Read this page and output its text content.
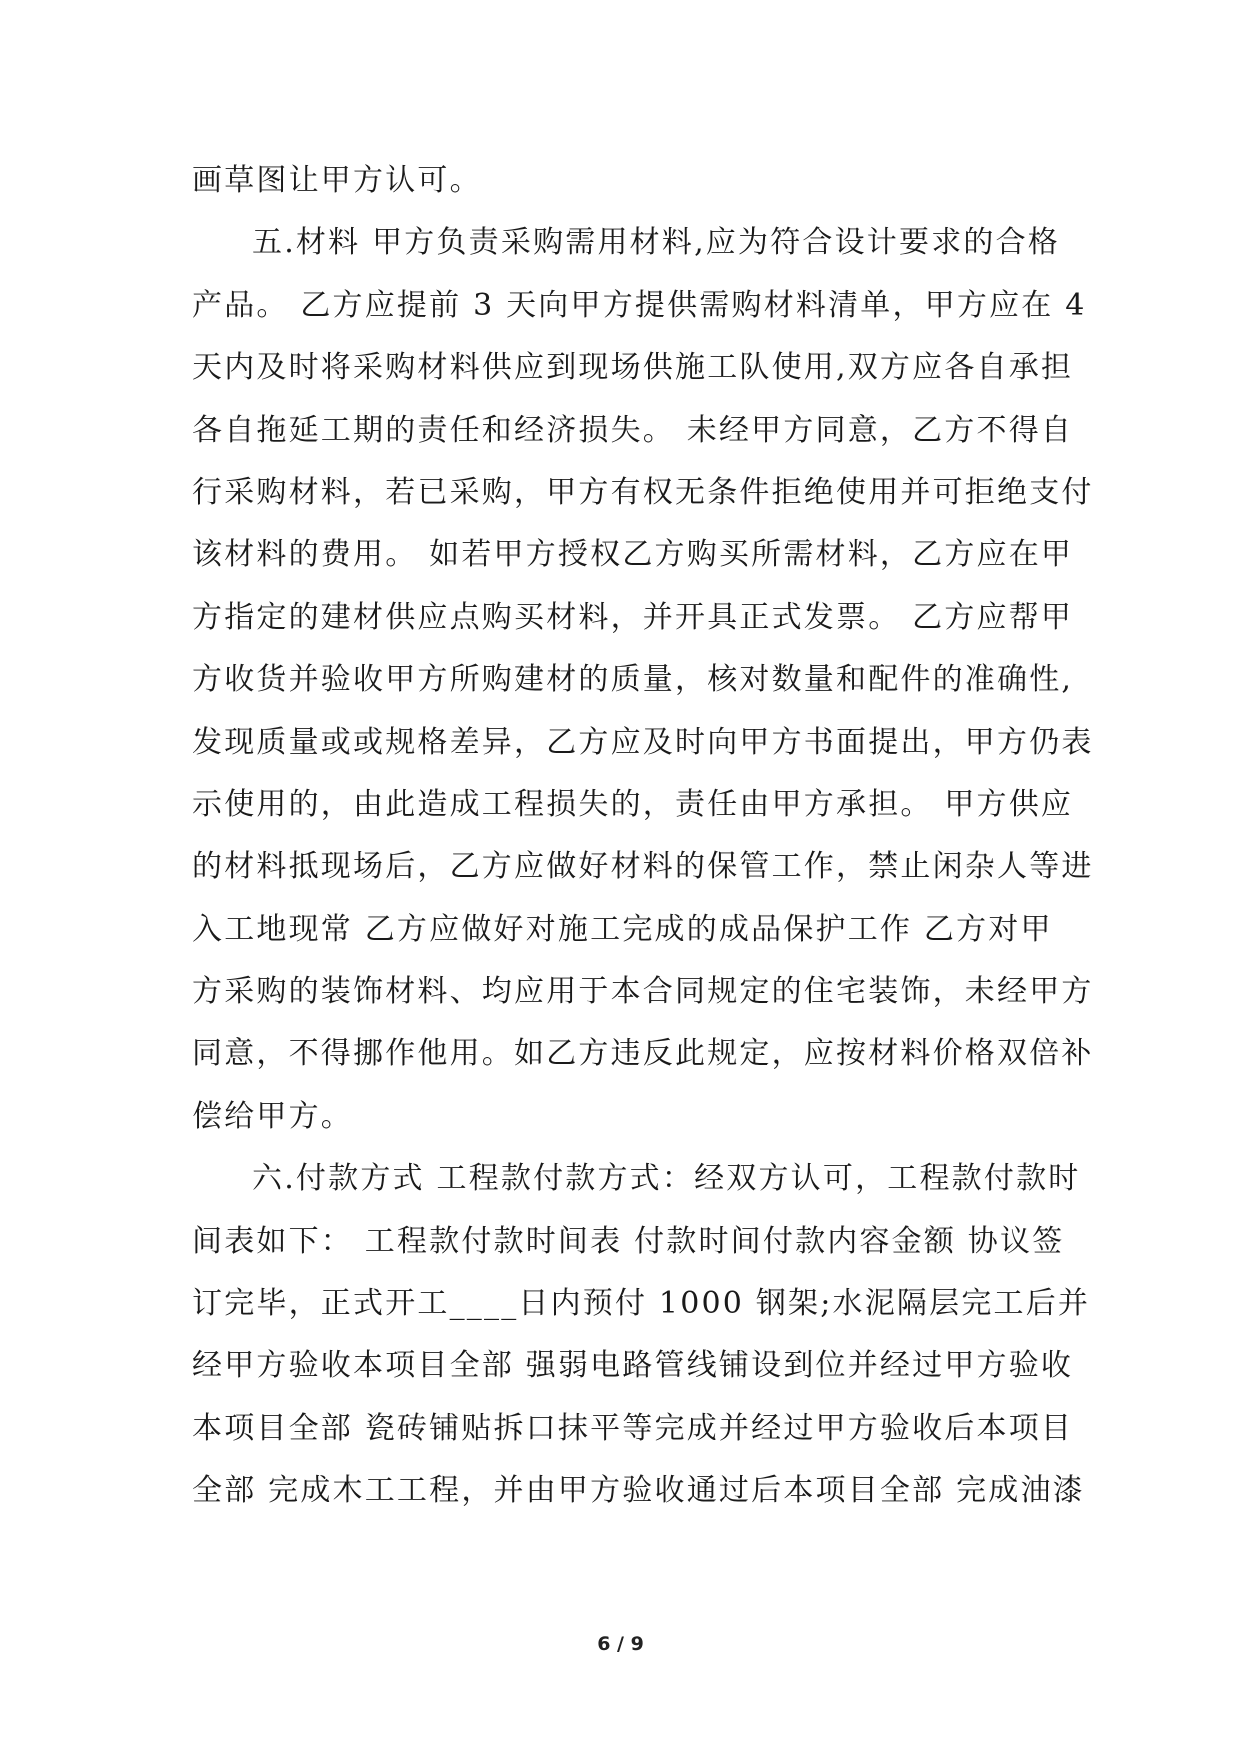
画草图让甲方认可。
五.材料 甲方负责采购需用材料,应为符合设计要求的合格
产品。 乙方应提前 3 天向甲方提供需购材料清单，甲方应在 4
天内及时将采购材料供应到现场供施工队使用,双方应各自承担
各自拖延工期的责任和经济损失。 未经甲方同意，乙方不得自
行采购材料，若已采购，甲方有权无条件拒绝使用并可拒绝支付
该材料的费用。 如若甲方授权乙方购买所需材料，乙方应在甲
方指定的建材供应点购买材料，并开具正式发票。 乙方应帮甲
方收货并验收甲方所购建材的质量，核对数量和配件的准确性,
发现质量或或规格差异，乙方应及时向甲方书面提出，甲方仍表
示使用的，由此造成工程损失的，责任由甲方承担。 甲方供应
的材料抵现场后，乙方应做好材料的保管工作，禁止闲杂人等进
入工地现常 乙方应做好对施工完成的成品保护工作 乙方对甲
方采购的装饰材料、均应用于本合同规定的住宅装饰，未经甲方
同意，不得挪作他用。如乙方违反此规定，应按材料价格双倍补
偿给甲方。
六.付款方式 工程款付款方式：经双方认可，工程款付款时
间表如下： 工程款付款时间表 付款时间付款内容金额 协议签
订完毕，正式开工____日内预付 1000 钢架;水泥隔层完工后并
经甲方验收本项目全部 强弱电路管线铺设到位并经过甲方验收
本项目全部 瓷砖铺贴拆口抹平等完成并经过甲方验收后本项目
全部 完成木工工程，并由甲方验收通过后本项目全部 完成油漆
6 / 9
